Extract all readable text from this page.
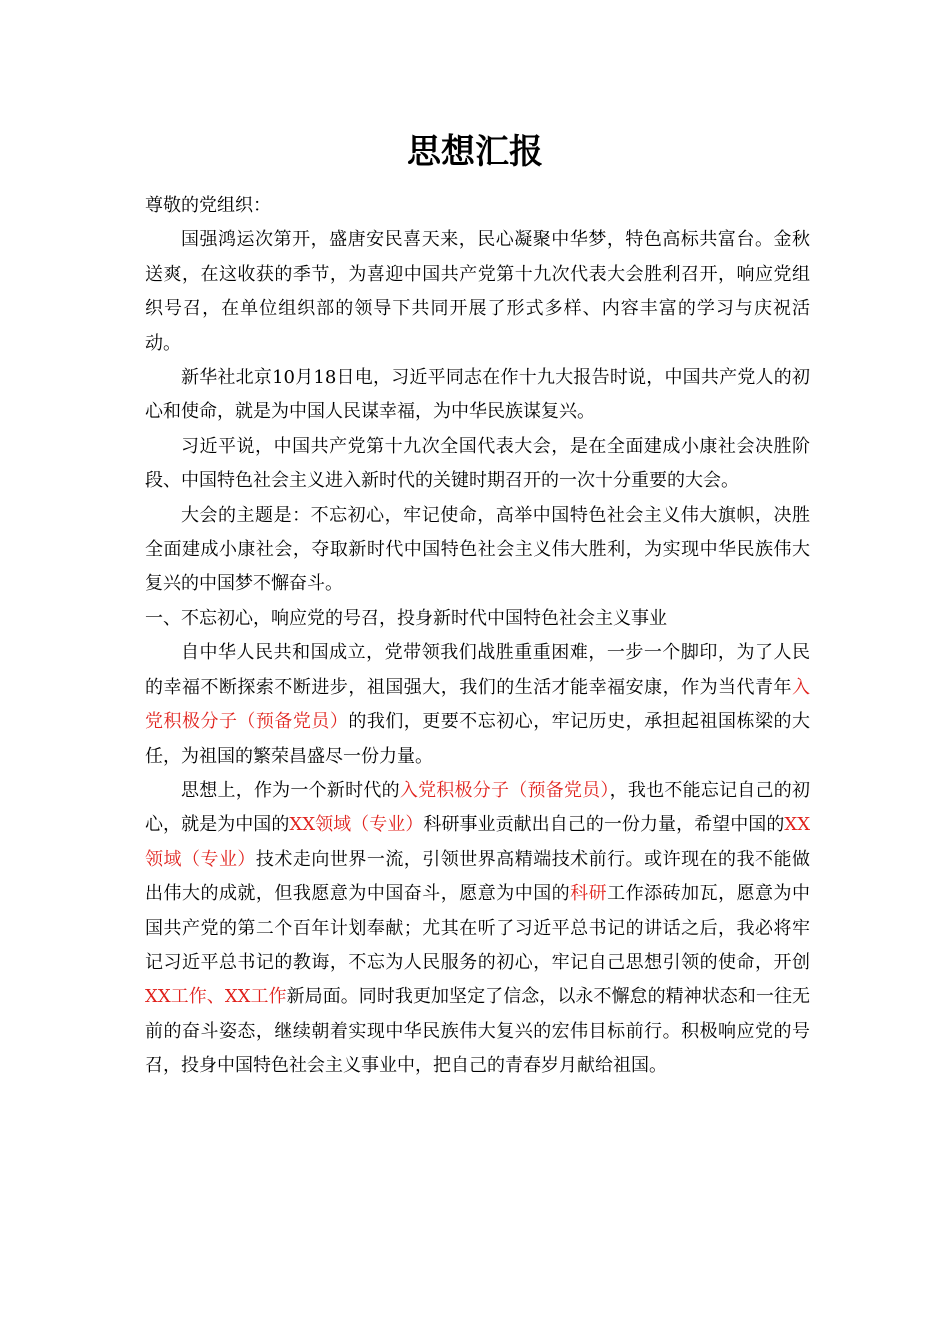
思想汇报

尊敬的党组织：

国强鸿运次第开，盛唐安民喜天来，民心凝聚中华梦，特色高标共富台。金秋送爽，在这收获的季节，为喜迎中国共产党第十九次代表大会胜利召开，响应党组织号召，在单位组织部的领导下共同开展了形式多样、内容丰富的学习与庆祝活动。

新华社北京10月18日电，习近平同志在作十九大报告时说，中国共产党人的初心和使命，就是为中国人民谋幸福，为中华民族谋复兴。

习近平说，中国共产党第十九次全国代表大会，是在全面建成小康社会决胜阶段、中国特色社会主义进入新时代的关键时期召开的一次十分重要的大会。

大会的主题是：不忘初心，牢记使命，高举中国特色社会主义伟大旗帜，决胜全面建成小康社会，夺取新时代中国特色社会主义伟大胜利，为实现中华民族伟大复兴的中国梦不懈奋斗。

一、不忘初心，响应党的号召，投身新时代中国特色社会主义事业

自中华人民共和国成立，党带领我们战胜重重困难，一步一个脚印，为了人民的幸福不断探索不断进步，祖国强大，我们的生活才能幸福安康，作为当代青年入党积极分子（预备党员）的我们，更要不忘初心，牢记历史，承担起祖国栋梁的大任，为祖国的繁荣昌盛尽一份力量。

思想上，作为一个新时代的入党积极分子（预备党员），我也不能忘记自己的初心，就是为中国的XX领域（专业）科研事业贡献出自己的一份力量，希望中国的XX领域（专业）技术走向世界一流，引领世界高精端技术前行。或许现在的我不能做出伟大的成就，但我愿意为中国奋斗，愿意为中国的科研工作添砖加瓦，愿意为中国共产党的第二个百年计划奉献；尤其在听了习近平总书记的讲话之后，我必将牢记习近平总书记的教诲，不忘为人民服务的初心，牢记自己思想引领的使命，开创XX工作、XX工作新局面。同时我更加坚定了信念，以永不懈怠的精神状态和一往无前的奋斗姿态，继续朝着实现中华民族伟大复兴的宏伟目标前行。积极响应党的号召，投身中国特色社会主义事业中，把自己的青春岁月献给祖国。
